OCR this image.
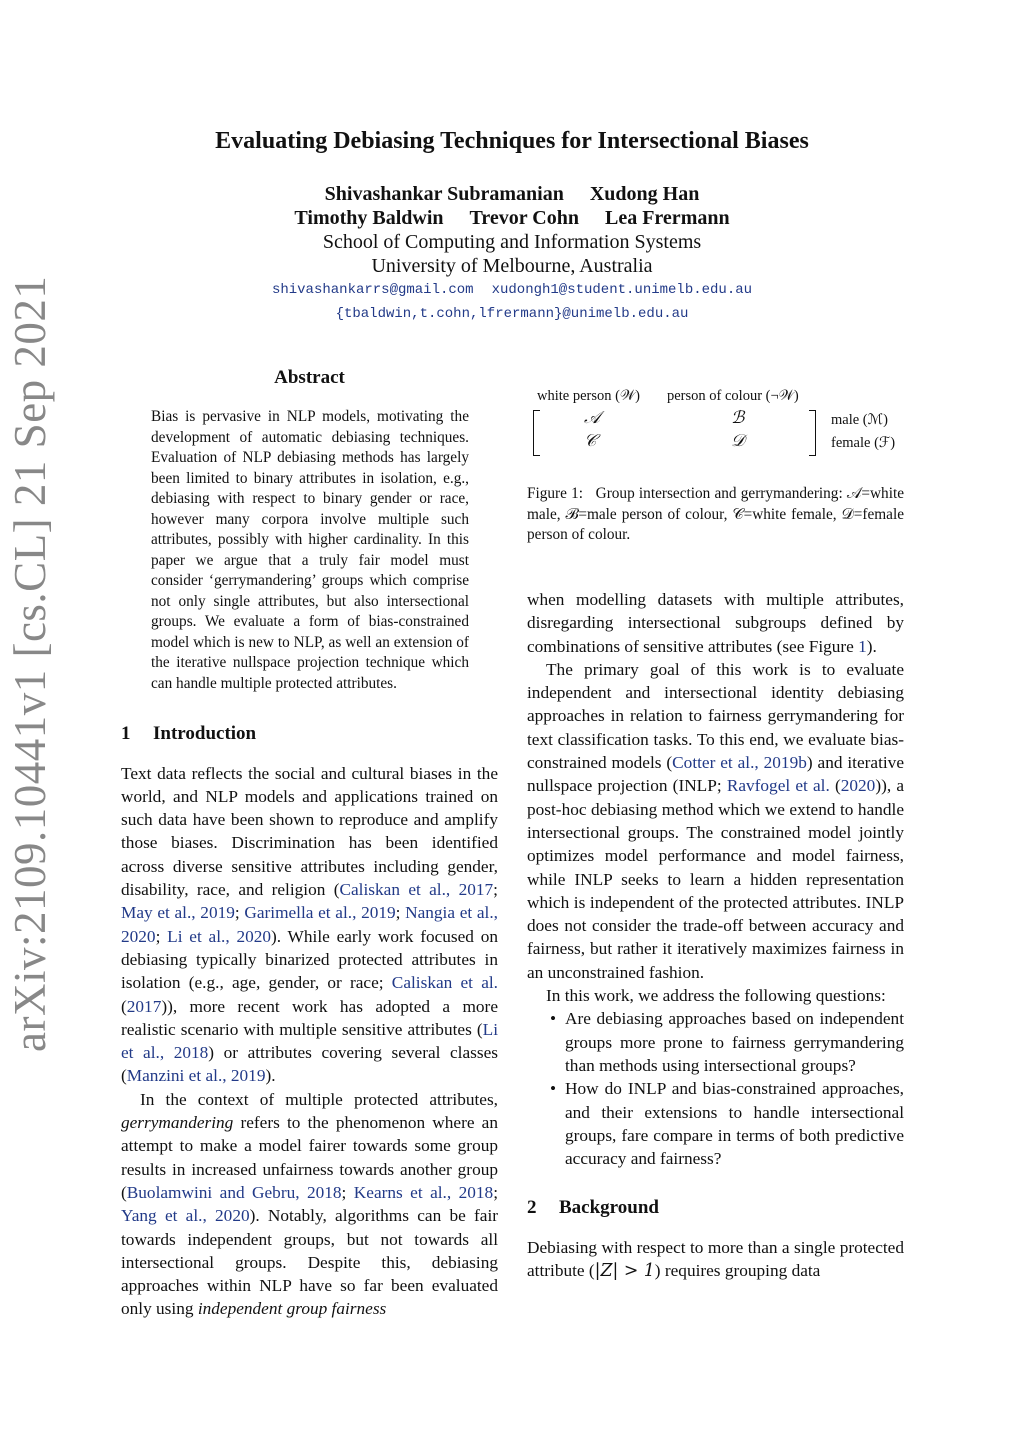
arXiv:2109.10441v1 [cs.CL] 21 Sep 2021
Evaluating Debiasing Techniques for Intersectional Biases
Shivashankar Subramanian Xudong Han
Timothy Baldwin Trevor Cohn Lea Frermann
School of Computing and Information Systems
University of Melbourne, Australia
shivashankarrs@gmail.com xudongh1@student.unimelb.edu.au
{tbaldwin,t.cohn,lfrermann}@unimelb.edu.au
Abstract

Bias is pervasive in NLP models, motivating the development of automatic debiasing techniques. Evaluation of NLP debiasing methods has largely been limited to binary attributes in isolation, e.g., debiasing with respect to binary gender or race, however many corpora involve multiple such attributes, possibly with higher cardinality. In this paper we argue that a truly fair model must consider ‘gerrymandering’ groups which comprise not only single attributes, but also intersectional groups. We evaluate a form of bias-constrained model which is new to NLP, as well an extension of the iterative nullspace projection technique which can handle multiple protected attributes.

1 Introduction

Text data reflects the social and cultural biases in the world, and NLP models and applications trained on such data have been shown to reproduce and amplify those biases. Discrimination has been identified across diverse sensitive attributes including gender, disability, race, and religion (Caliskan et al., 2017; May et al., 2019; Garimella et al., 2019; Nangia et al., 2020; Li et al., 2020). While early work focused on debiasing typically binarized protected attributes in isolation (e.g., age, gender, or race; Caliskan et al. (2017)), more recent work has adopted a more realistic scenario with multiple sensitive attributes (Li et al., 2018) or attributes covering several classes (Manzini et al., 2019).

In the context of multiple protected attributes, gerrymandering refers to the phenomenon where an attempt to make a model fairer towards some group results in increased unfairness towards another group (Buolamwini and Gebru, 2018; Kearns et al., 2018; Yang et al., 2020). Notably, algorithms can be fair towards independent groups, but not towards all intersectional groups. Despite this, debiasing approaches within NLP have so far been evaluated only using independent group fairness

white person (𝒲) person of colour (¬𝒲)
𝒜	ℬ
𝒞	𝒟
male (ℳ)
female (ℱ)

Figure 1: Group intersection and gerrymandering: 𝒜=white male, ℬ=male person of colour, 𝒞=white female, 𝒟=female person of colour.

when modelling datasets with multiple attributes, disregarding intersectional subgroups defined by combinations of sensitive attributes (see Figure 1).

The primary goal of this work is to evaluate independent and intersectional identity debiasing approaches in relation to fairness gerrymandering for text classification tasks. To this end, we evaluate bias-constrained models (Cotter et al., 2019b) and iterative nullspace projection (INLP; Ravfogel et al. (2020)), a post-hoc debiasing method which we extend to handle intersectional groups. The constrained model jointly optimizes model performance and model fairness, while INLP seeks to learn a hidden representation which is independent of the protected attributes. INLP does not consider the trade-off between accuracy and fairness, but rather it iteratively maximizes fairness in an unconstrained fashion.

In this work, we address the following questions:

• Are debiasing approaches based on independent groups more prone to fairness gerrymandering than methods using intersectional groups?
• How do INLP and bias-constrained approaches, and their extensions to handle intersectional groups, fare compare in terms of both predictive accuracy and fairness?
2 Background

Debiasing with respect to more than a single protected attribute (|Z| > 1) requires grouping data
